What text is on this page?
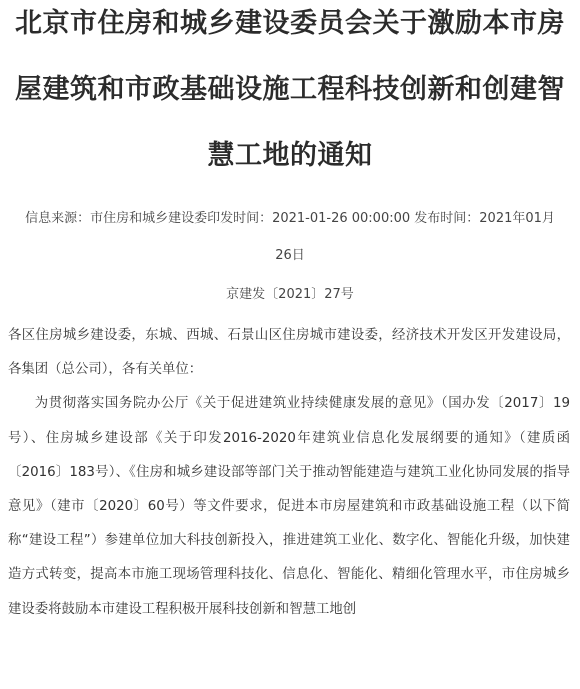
北京市住房和城乡建设委员会关于激励本市房屋建筑和市政基础设施工程科技创新和创建智慧工地的通知
信息来源：市住房和城乡建设委印发时间：2021-01-26 00:00:00 发布时间：2021年01月26日
京建发〔2021〕27号

各区住房城乡建设委，东城、西城、石景山区住房城市建设委，经济技术开发区开发建设局，各集团（总公司），各有关单位：

为贯彻落实国务院办公厅《关于促进建筑业持续健康发展的意见》（国办发〔2017〕19号）、住房城乡建设部《关于印发2016-2020年建筑业信息化发展纲要的通知》（建质函〔2016〕183号）、《住房和城乡建设部等部门关于推动智能建造与建筑工业化协同发展的指导意见》（建市〔2020〕60号）等文件要求，促进本市房屋建筑和市政基础设施工程（以下简称“建设工程”）参建单位加大科技创新投入，推进建筑工业化、数字化、智能化升级，加快建造方式转变，提高本市施工现场管理科技化、信息化、智能化、精细化管理水平，市住房城乡建设委将鼓励本市建设工程积极开展科技创新和智慧工地创
